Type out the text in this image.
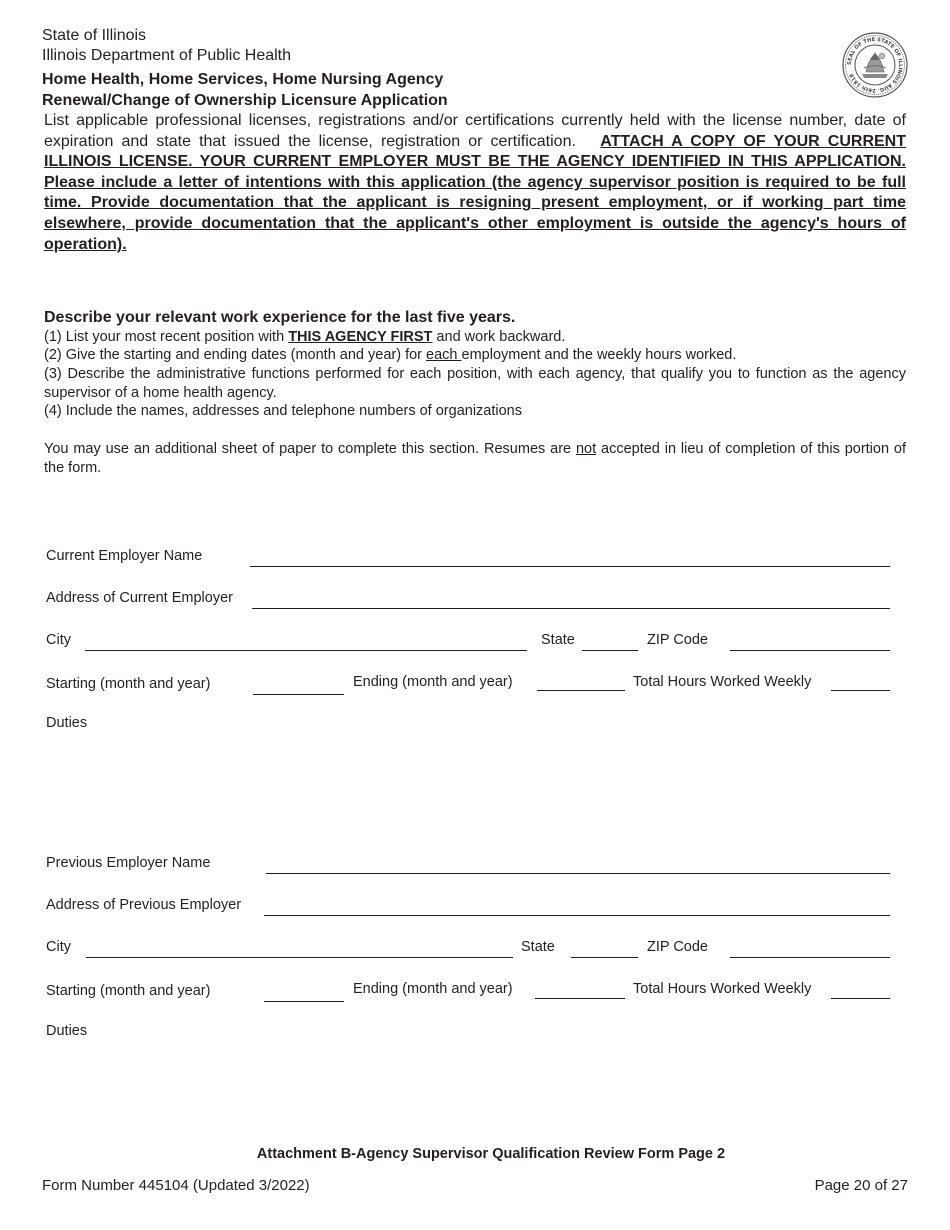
State of Illinois
Illinois Department of Public Health
Home Health, Home Services, Home Nursing Agency
Renewal/Change of Ownership Licensure Application
SEAL OF THE STATE OF ILLINOIS AUG. 26th 1818
List applicable professional licenses, registrations and/or certifications currently held with the license number, date of expiration and state that issued the license, registration or certification. ATTACH A COPY OF YOUR CURRENT ILLINOIS LICENSE. YOUR CURRENT EMPLOYER MUST BE THE AGENCY IDENTIFIED IN THIS APPLICATION. Please include a letter of intentions with this application (the agency supervisor position is required to be full time. Provide documentation that the applicant is resigning present employment, or if working part time elsewhere, provide documentation that the applicant's other employment is outside the agency's hours of operation).
Describe your relevant work experience for the last five years.
(1) List your most recent position with THIS AGENCY FIRST and work backward.
(2) Give the starting and ending dates (month and year) for each employment and the weekly hours worked.
(3) Describe the administrative functions performed for each position, with each agency, that qualify you to function as the agency supervisor of a home health agency.
(4) Include the names, addresses and telephone numbers of organizations
You may use an additional sheet of paper to complete this section. Resumes are not accepted in lieu of completion of this portion of the form.
Current Employer Name
Address of Current Employer
City	State	ZIP Code
Starting (month and year)	Ending (month and year)	Total Hours Worked Weekly
Duties
Previous Employer Name
Address of Previous Employer
City	State	ZIP Code
Starting (month and year)	Ending (month and year)	Total Hours Worked Weekly
Duties
Attachment B-Agency Supervisor Qualification Review Form Page 2
Form Number 445104 (Updated 3/2022)	Page 20 of 27
